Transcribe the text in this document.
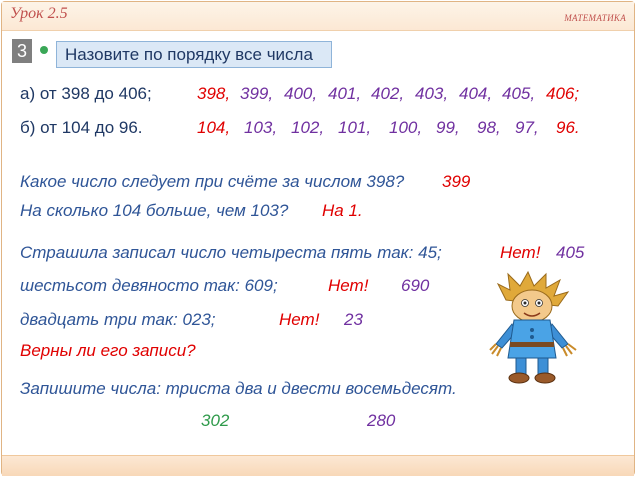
Урок 2.5	МАТЕМАТИКА
3	Назовите по порядку все числа
а) от 398 до 406;	398, 399, 400, 401, 402, 403, 404, 405, 406;
б) от 104 до 96.	104, 103, 102, 101, 100, 99, 98, 97, 96.
Какое число следует при счёте за числом 398? 399
На сколько 104 больше, чем 103? На 1.
Страшила записал число четыреста пять так: 45;	Нет! 405
шестьсот девяносто так: 609;	Нет! 690
двадцать три так: 023;	Нет! 23
Верны ли его записи?
Запишите числа: триста два и двести восемьдесят.
302	280
